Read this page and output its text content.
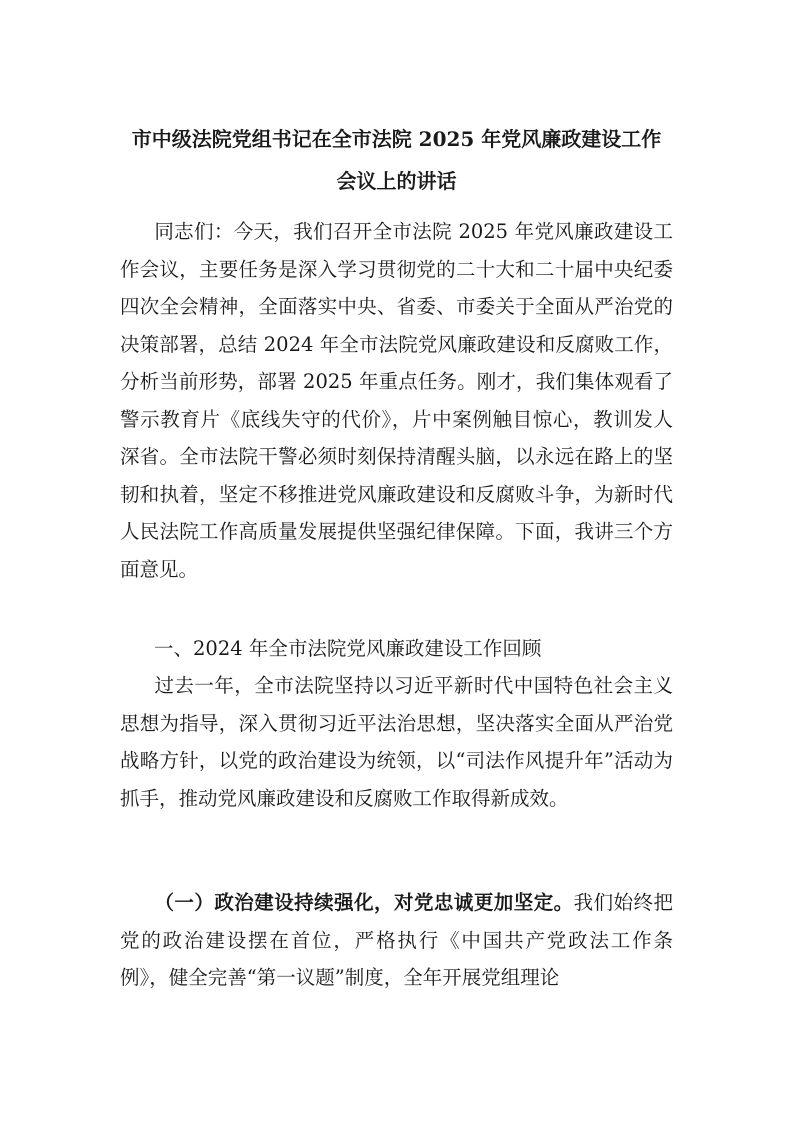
市中级法院党组书记在全市法院 2025 年党风廉政建设工作
会议上的讲话

同志们：今天，我们召开全市法院 2025 年党风廉政建设工作会议，主要任务是深入学习贯彻党的二十大和二十届中央纪委四次全会精神，全面落实中央、省委、市委关于全面从严治党的决策部署，总结 2024 年全市法院党风廉政建设和反腐败工作，分析当前形势，部署 2025 年重点任务。刚才，我们集体观看了警示教育片《底线失守的代价》，片中案例触目惊心，教训发人深省。全市法院干警必须时刻保持清醒头脑，以永远在路上的坚韧和执着，坚定不移推进党风廉政建设和反腐败斗争，为新时代人民法院工作高质量发展提供坚强纪律保障。下面，我讲三个方面意见。

一、2024 年全市法院党风廉政建设工作回顾

过去一年，全市法院坚持以习近平新时代中国特色社会主义思想为指导，深入贯彻习近平法治思想，坚决落实全面从严治党战略方针，以党的政治建设为统领，以“司法作风提升年”活动为抓手，推动党风廉政建设和反腐败工作取得新成效。

（一）政治建设持续强化，对党忠诚更加坚定。我们始终把党的政治建设摆在首位，严格执行《中国共产党政法工作条例》，健全完善“第一议题”制度，全年开展党组理论
